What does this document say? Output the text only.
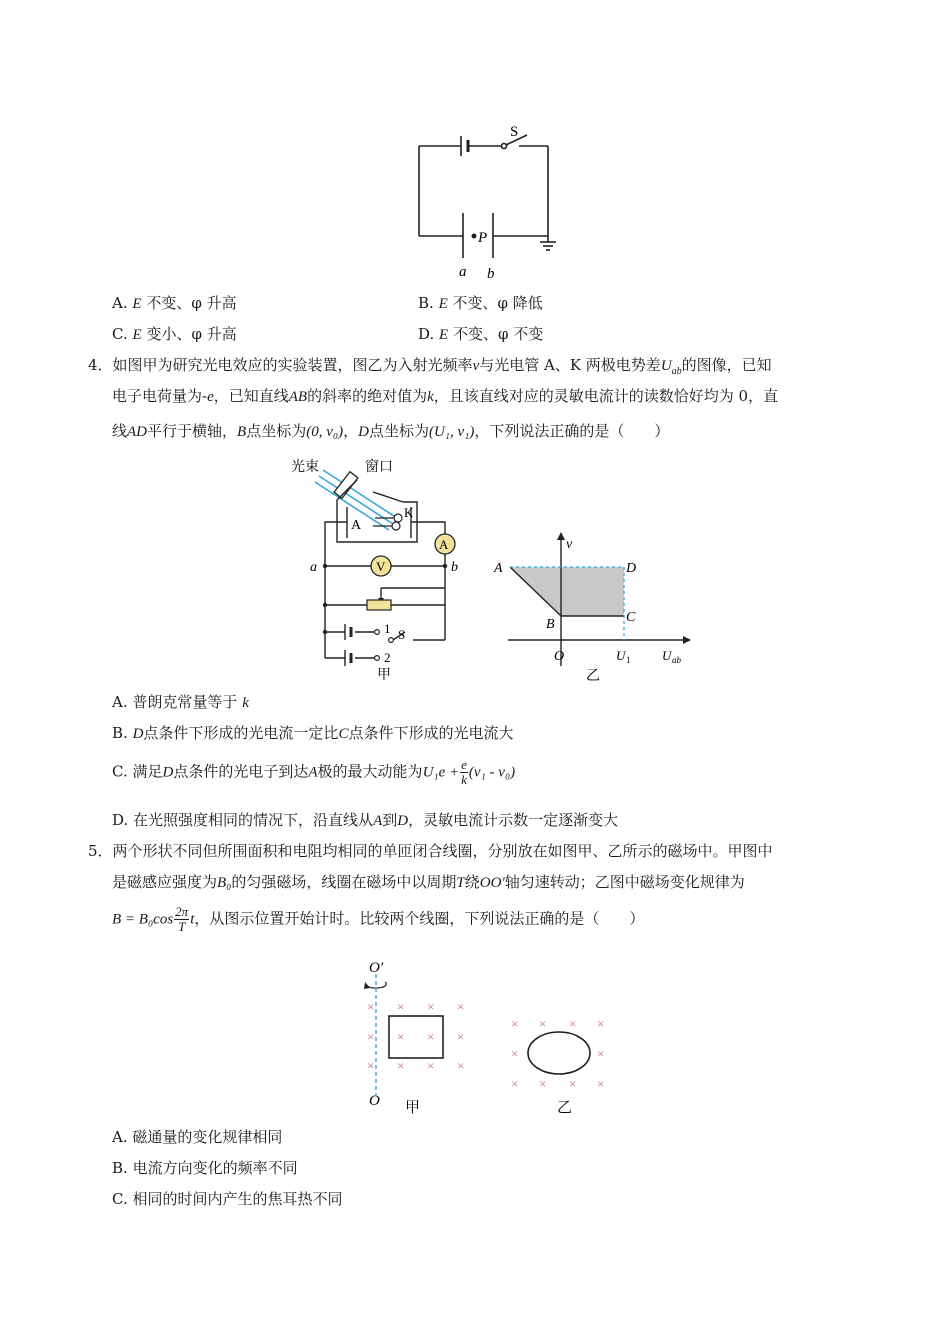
S
P
a b
A. E 不变、φ 升高	B. E 不变、φ 降低
C. E 变小、φ 升高	D. E 不变、φ 不变
4．如图甲为研究光电效应的实验装置，图乙为入射光频率ν与光电管 A、K 两极电势差$U_{ab}$的图像，已知
电子电荷量为-e，已知直线AB的斜率的绝对值为k，且该直线对应的灵敏电流计的读数恰好均为 0，直
线AD平行于横轴，B点坐标为(0, ν₀)，D点坐标为(U₁, ν₁)，下列说法正确的是（　　）
光束	窗口
A
K
A
V
a	b
1
2
S
甲
ν
A	D
C
B
O	U 1 U ab
乙
A. 普朗克常量等于 k
B. D点条件下形成的光电流一定比C点条件下形成的光电流大
C. 满足D点条件的光电子到达A极的最大动能为$U_1e + \frac{e}{k} (\nu_1 - \nu_0)$
D. 在光照强度相同的情况下，沿直线从A到D，灵敏电流计示数一定逐渐变大
5．两个形状不同但所围面积和电阻均相同的单匝闭合线圈，分别放在如图甲、乙所示的磁场中。甲图中
是磁感应强度为B₀的匀强磁场，线圈在磁场中以周期T绕OO′轴匀速转动；乙图中磁场变化规律为
$B = B_0\cos \frac{2\pi}{T}$ t，从图示位置开始计时。比较两个线圈，下列说法正确的是（　　）
O′
O
× × × ×
× × × ×
× × × ×
× × × ×
×	×
× × × ×
甲	乙
A. 磁通量的变化规律相同
B. 电流方向变化的频率不同
C. 相同的时间内产生的焦耳热不同
